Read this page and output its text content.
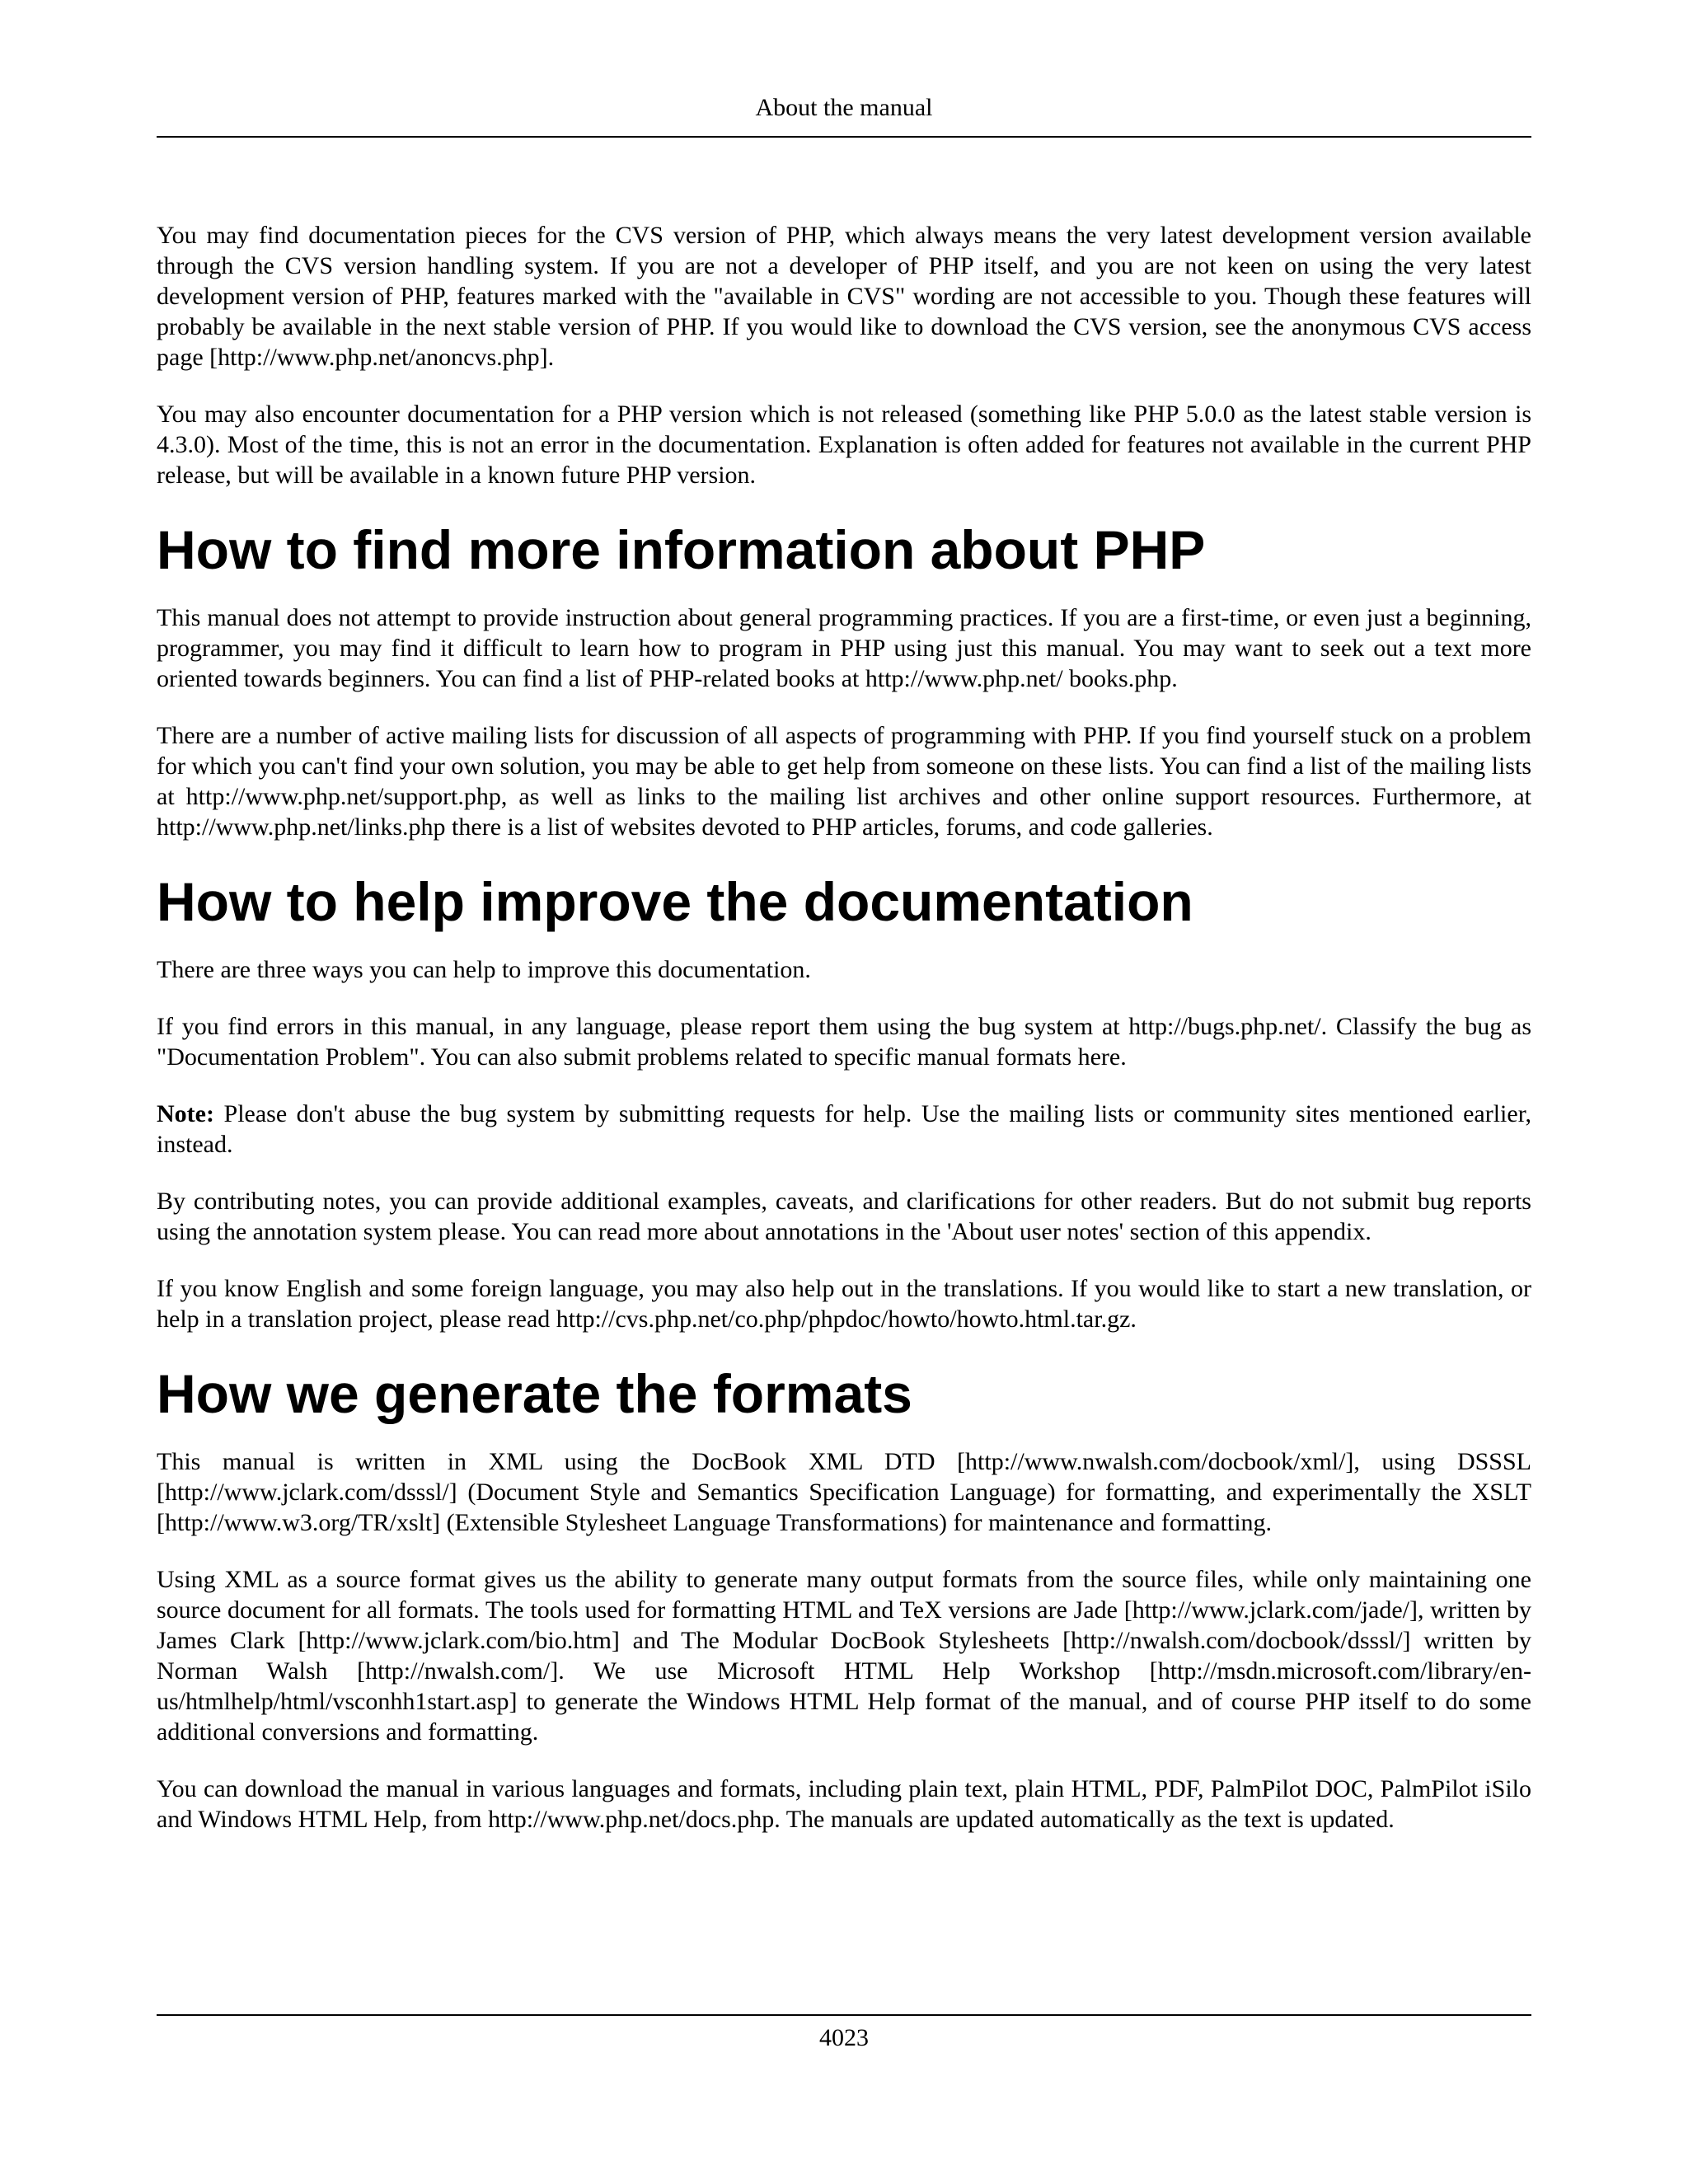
About the manual

You may find documentation pieces for the CVS version of PHP, which always means the very latest development version available through the CVS version handling system. If you are not a developer of PHP itself, and you are not keen on using the very latest development version of PHP, features marked with the "available in CVS" wording are not accessible to you. Though these features will probably be available in the next stable version of PHP. If you would like to download the CVS version, see the anonymous CVS access page [http://www.php.net/anoncvs.php].

You may also encounter documentation for a PHP version which is not released (something like PHP 5.0.0 as the latest stable version is 4.3.0). Most of the time, this is not an error in the documentation. Explanation is often added for features not available in the current PHP release, but will be available in a known future PHP version.

How to find more information about PHP

This manual does not attempt to provide instruction about general programming practices. If you are a first-time, or even just a beginning, programmer, you may find it difficult to learn how to program in PHP using just this manual. You may want to seek out a text more oriented towards beginners. You can find a list of PHP-related books at http://www.php.net/ books.php.

There are a number of active mailing lists for discussion of all aspects of programming with PHP. If you find yourself stuck on a problem for which you can't find your own solution, you may be able to get help from someone on these lists. You can find a list of the mailing lists at http://www.php.net/support.php, as well as links to the mailing list archives and other online support resources. Furthermore, at http://www.php.net/links.php there is a list of websites devoted to PHP articles, forums, and code galleries.

How to help improve the documentation

There are three ways you can help to improve this documentation.

If you find errors in this manual, in any language, please report them using the bug system at http://bugs.php.net/. Classify the bug as "Documentation Problem". You can also submit problems related to specific manual formats here.

Note: Please don't abuse the bug system by submitting requests for help. Use the mailing lists or community sites mentioned earlier, instead.

By contributing notes, you can provide additional examples, caveats, and clarifications for other readers. But do not submit bug reports using the annotation system please. You can read more about annotations in the 'About user notes' section of this appendix.

If you know English and some foreign language, you may also help out in the translations. If you would like to start a new translation, or help in a translation project, please read http://cvs.php.net/co.php/phpdoc/howto/howto.html.tar.gz.

How we generate the formats

This manual is written in XML using the DocBook XML DTD [http://www.nwalsh.com/docbook/xml/], using DSSSL [http://www.jclark.com/dsssl/] (Document Style and Semantics Specification Language) for formatting, and experimentally the XSLT [http://www.w3.org/TR/xslt] (Extensible Stylesheet Language Transformations) for maintenance and formatting.

Using XML as a source format gives us the ability to generate many output formats from the source files, while only maintaining one source document for all formats. The tools used for formatting HTML and TeX versions are Jade [http://www.jclark.com/jade/], written by James Clark [http://www.jclark.com/bio.htm] and The Modular DocBook Stylesheets [http://nwalsh.com/docbook/dsssl/] written by Norman Walsh [http://nwalsh.com/]. We use Microsoft HTML Help Workshop [http://msdn.microsoft.com/library/en-us/htmlhelp/html/vsconhh1start.asp] to generate the Windows HTML Help format of the manual, and of course PHP itself to do some additional conversions and formatting.

You can download the manual in various languages and formats, including plain text, plain HTML, PDF, PalmPilot DOC, PalmPilot iSilo and Windows HTML Help, from http://www.php.net/docs.php. The manuals are updated automatically as the text is updated.

4023
